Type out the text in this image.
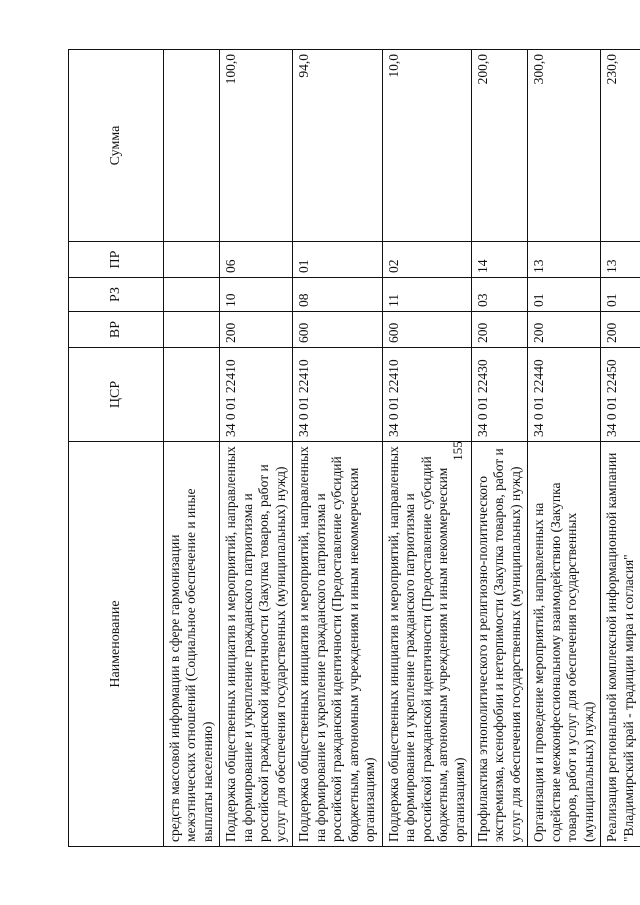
155
Наименование	ЦСР	ВР	РЗ	ПР	Сумма
средств массовой информации в сфере гармонизации межэтнических отношений (Социальное обеспечение и иные выплаты населению)					
Поддержка общественных инициатив и мероприятий, направленных на формирование и укрепление гражданского патриотизма и российской гражданской идентичности (Закупка товаров, работ и услуг для обеспечения государственных (муниципальных) нужд)	34 0 01 22410	200	10	06	100,0
Поддержка общественных инициатив и мероприятий, направленных на формирование и укрепление гражданского патриотизма и российской гражданской идентичности (Предоставление субсидий бюджетным, автономным учреждениям и иным некоммерческим организациям)	34 0 01 22410	600	08	01	94,0
Поддержка общественных инициатив и мероприятий, направленных на формирование и укрепление гражданского патриотизма и российской гражданской идентичности (Предоставление субсидий бюджетным, автономным учреждениям и иным некоммерческим организациям)	34 0 01 22410	600	11	02	10,0
Профилактика этнополитического и религиозно-политического экстремизма, ксенофобии и нетерпимости (Закупка товаров, работ и услуг для обеспечения государственных (муниципальных) нужд)	34 0 01 22430	200	03	14	200,0
Организация и проведение мероприятий, направленных на содействие межконфессиональному взаимодействию (Закупка товаров, работ и услуг для обеспечения государственных (муниципальных) нужд)	34 0 01 22440	200	01	13	300,0
Реализация региональной комплексной информационной кампании "Владимирский край - традиции мира и согласия"	34 0 01 22450	200	01	13	230,0
